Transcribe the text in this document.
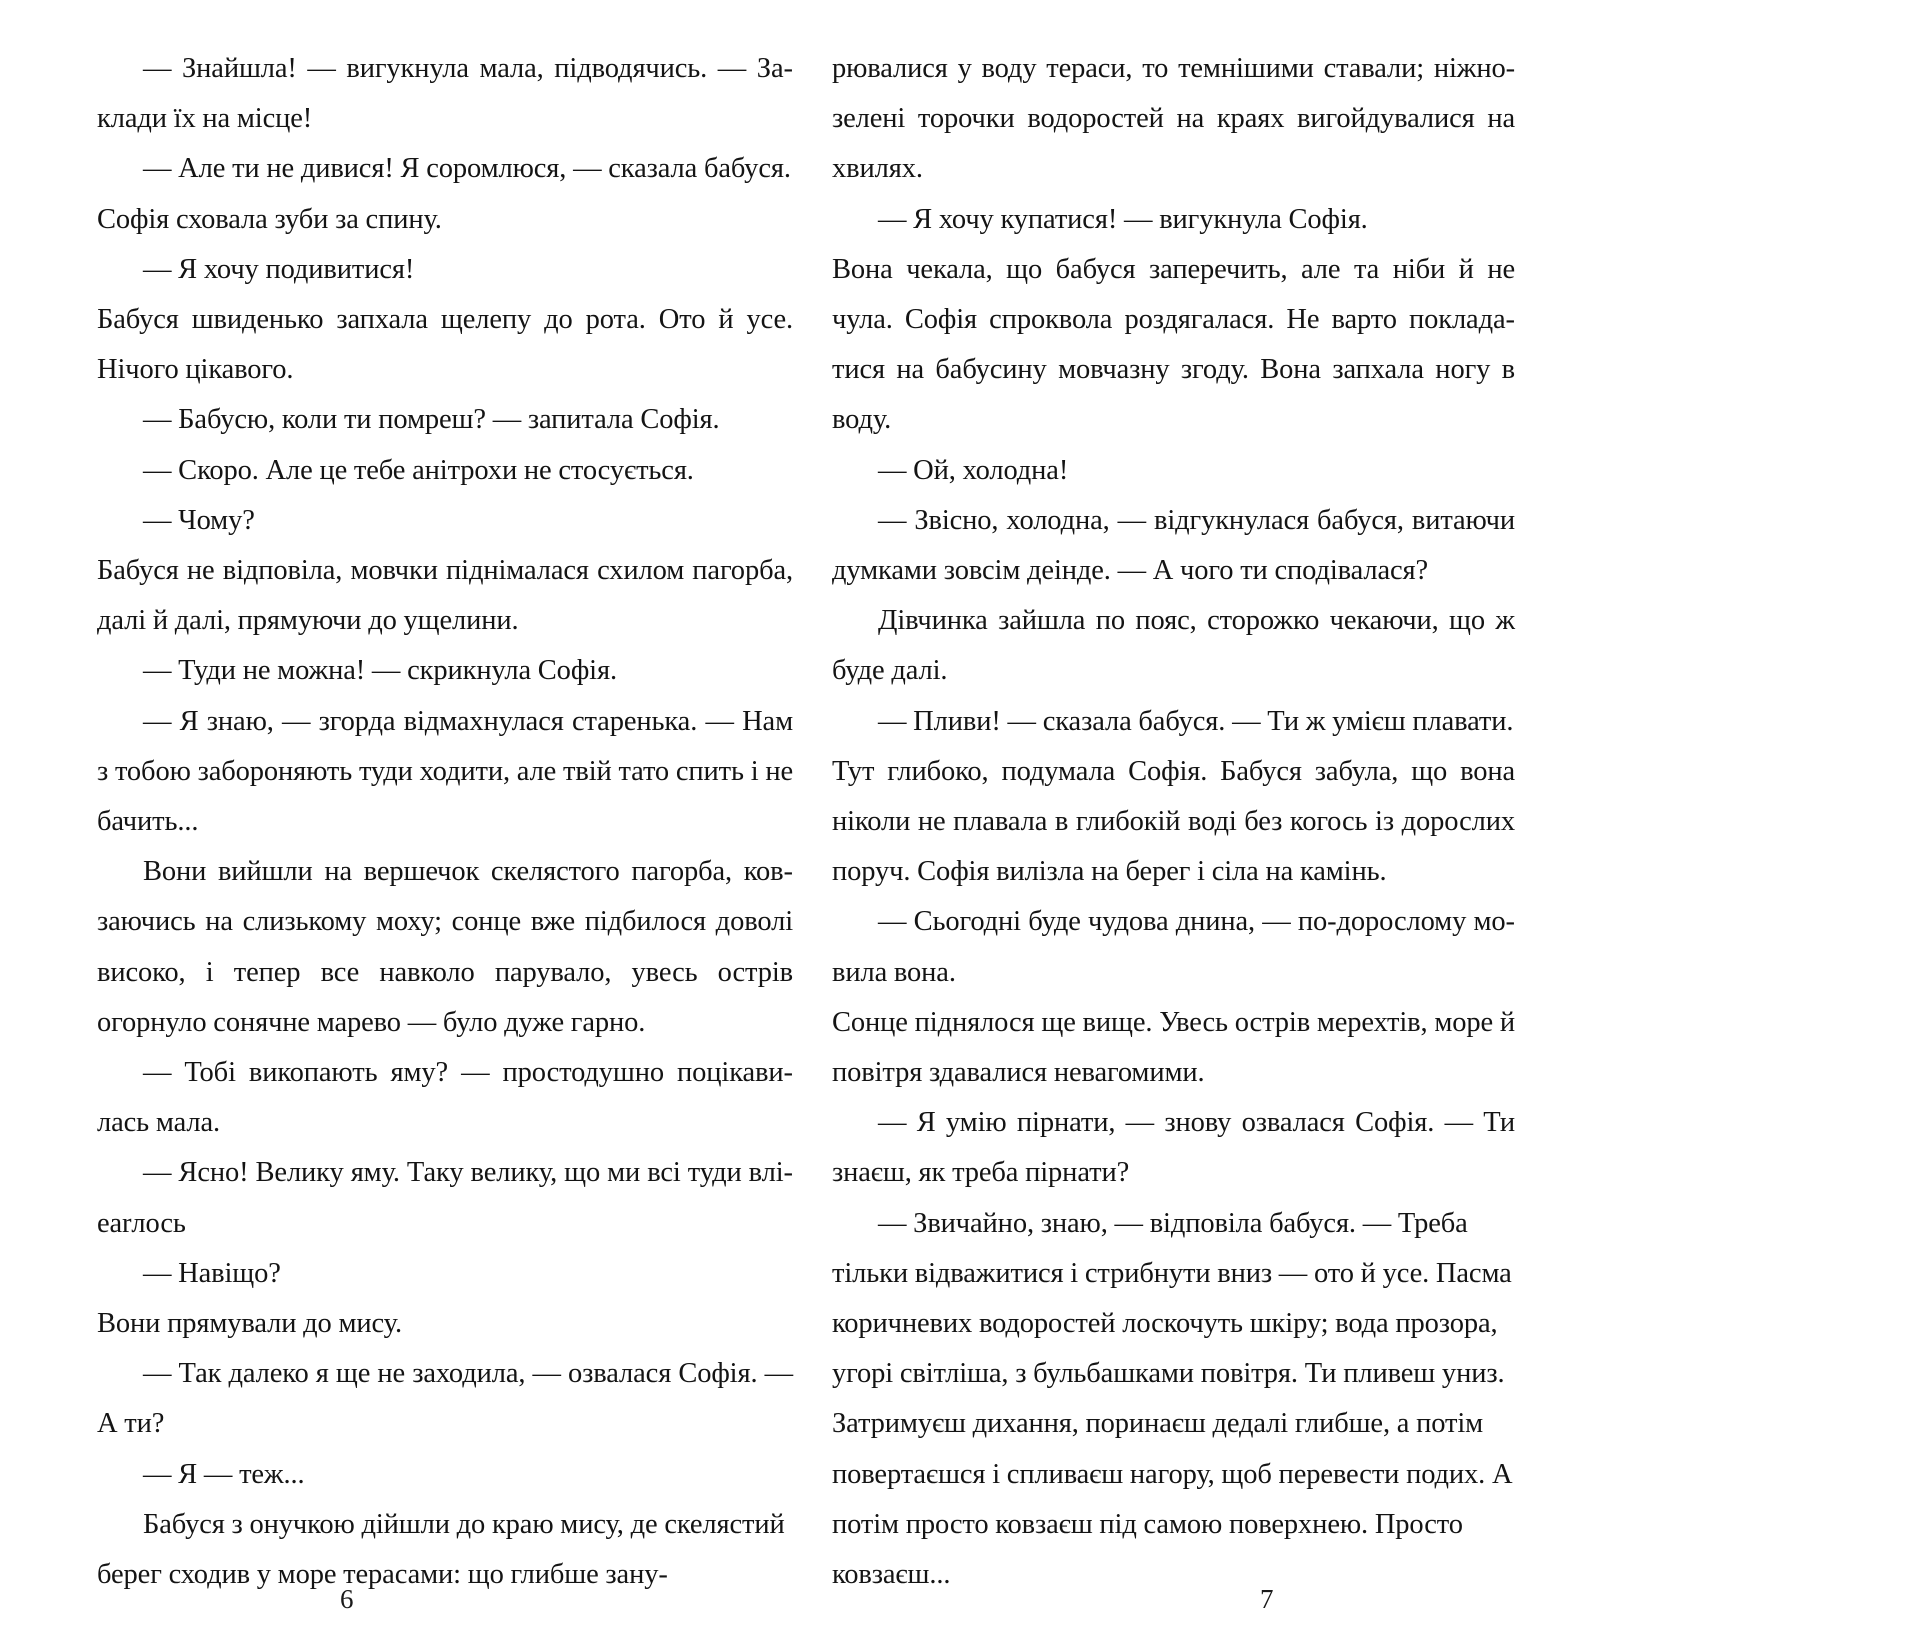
— Знайшла! — вигукнула мала, підводячись. — Заклади їх на місце!

— Але ти не дивися! Я соромлюся, — сказала бабуся.

Софія сховала зуби за спину.

— Я хочу подивитися!

Бабуся швиденько запхала щелепу до рота. Ото й усе. Нічого цікавого.

— Бабусю, коли ти помреш? — запитала Софія.

— Скоро. Але це тебе анітрохи не стосується.

— Чому?

Бабуся не відповіла, мовчки піднімалася схилом пагорба, далі й далі, прямуючи до ущелини.

— Туди не можна! — скрикнула Софія.

— Я знаю, — згорда відмахнулася старенька. — Нам з тобою забороняють туди ходити, але твій тато спить і не бачить...

Вони вийшли на вершечок скелястого пагорба, ковзаючись на слизькому моху; сонце вже підбилося доволі високо, і тепер все навколо парувало, увесь острів огорнуло сонячне марево — було дуже гарно.

— Тобі викопають яму? — простодушно поцікавилась мала.

— Ясно! Велику яму. Таку велику, що ми всі туди вліearлось

— Навіщо?

Вони прямували до мису.

— Так далеко я ще не заходила, — озвалася Софія. — А ти?

— Я — теж...

Бабуся з онучкою дійшли до краю мису, де скелястий берег сходив у море терасами: що глибше зану-

рювалися у воду тераси, то темнішими ставали; ніжно-зелені торочки водоростей на краях вигойдувалися на хвилях.

— Я хочу купатися! — вигукнула Софія.

Вона чекала, що бабуся заперечить, але та ніби й не чула. Софія спроквола роздягалася. Не варто покладатися на бабусину мовчазну згоду. Вона запхала ногу в воду.

— Ой, холодна!

— Звісно, холодна, — відгукнулася бабуся, витаючи думками зовсім деінде. — А чого ти сподівалася?

Дівчинка зайшла по пояс, сторожко чекаючи, що ж буде далі.

— Пливи! — сказала бабуся. — Ти ж умієш плавати.

Тут глибоко, подумала Софія. Бабуся забула, що вона ніколи не плавала в глибокій воді без когось із дорослих поруч. Софія вилізла на берег і сіла на камінь.

— Сьогодні буде чудова днина, — по-дорослому мовила вона.

Сонце піднялося ще вище. Увесь острів мерехтів, море й повітря здавалися невагомими.

— Я умію пірнати, — знову озвалася Софія. — Ти знаєш, як треба пірнати?

— Звичайно, знаю, — відповіла бабуся. — Треба тільки відважитися і стрибнути вниз — ото й усе. Пасма коричневих водоростей лоскочуть шкіру; вода прозора, угорі світліша, з бульбашками повітря. Ти пливеш униз. Затримуєш дихання, поринаєш дедалі глибше, а потім повертаєшся і спливаєш нагору, щоб перевести подих. А потім просто ковзаєш під самою поверхнею. Просто ковзаєш...

6	7
